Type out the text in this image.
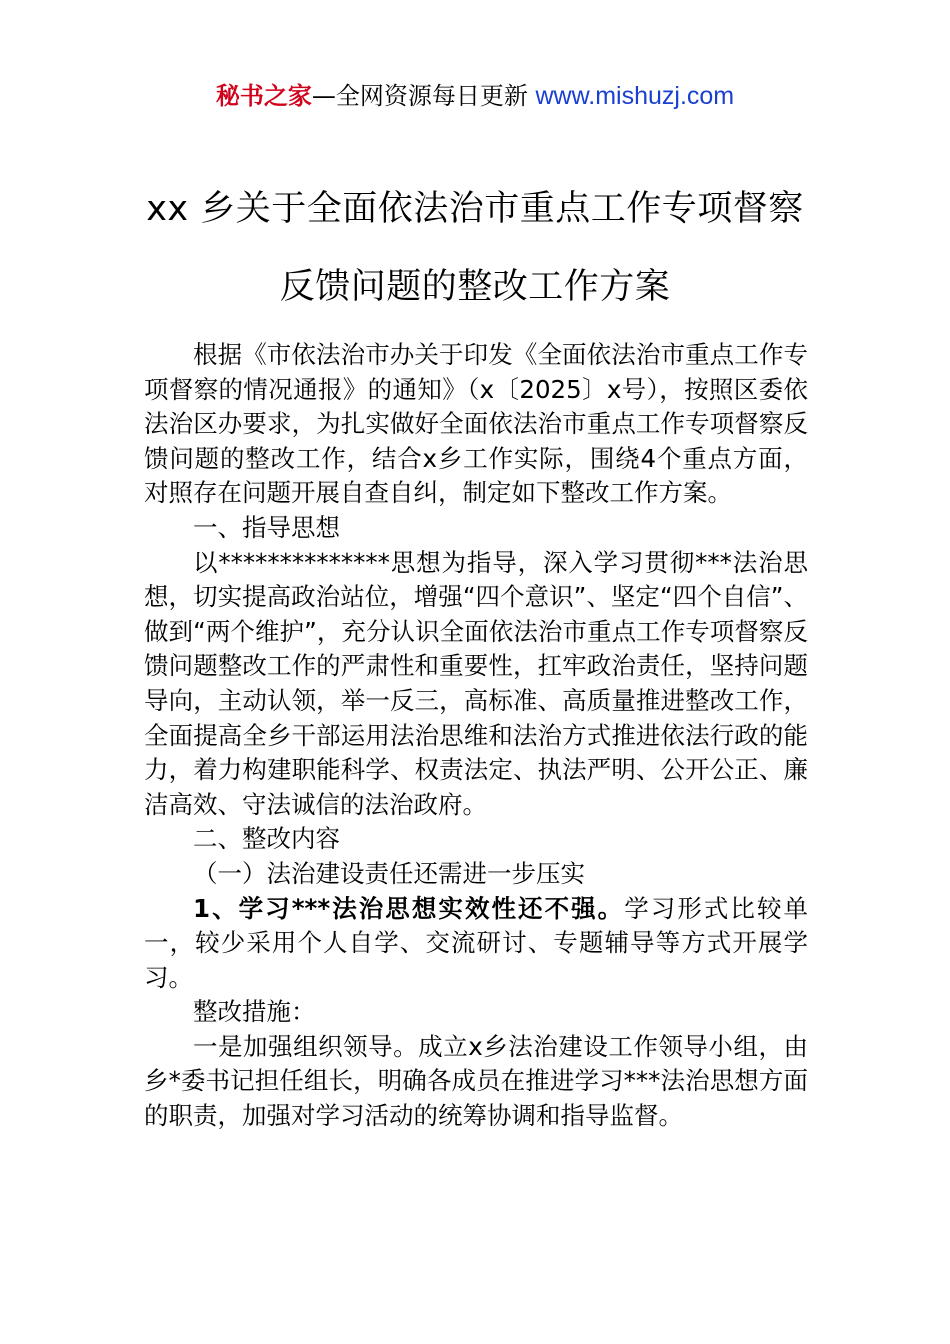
秘书之家—全网资源每日更新 www.mishuzj.com
xx 乡关于全面依法治市重点工作专项督察
反馈问题的整改工作方案

根据《市依法治市办关于印发《全面依法治市重点工作专项督察的情况通报》的通知》（x〔2025〕x号），按照区委依法治区办要求，为扎实做好全面依法治市重点工作专项督察反馈问题的整改工作，结合x乡工作实际，围绕4个重点方面，对照存在问题开展自查自纠，制定如下整改工作方案。

一、指导思想

以**************思想为指导，深入学习贯彻***法治思想，切实提高政治站位，增强“四个意识”、坚定“四个自信”、做到“两个维护”，充分认识全面依法治市重点工作专项督察反馈问题整改工作的严肃性和重要性，扛牢政治责任，坚持问题导向，主动认领，举一反三，高标准、高质量推进整改工作，全面提高全乡干部运用法治思维和法治方式推进依法行政的能力，着力构建职能科学、权责法定、执法严明、公开公正、廉洁高效、守法诚信的法治政府。

二、整改内容

（一）法治建设责任还需进一步压实

1、学习***法治思想实效性还不强。学习形式比较单一，较少采用个人自学、交流研讨、专题辅导等方式开展学习。

整改措施：

一是加强组织领导。成立x乡法治建设工作领导小组，由乡*委书记担任组长，明确各成员在推进学习***法治思想方面的职责，加强对学习活动的统筹协调和指导监督。
